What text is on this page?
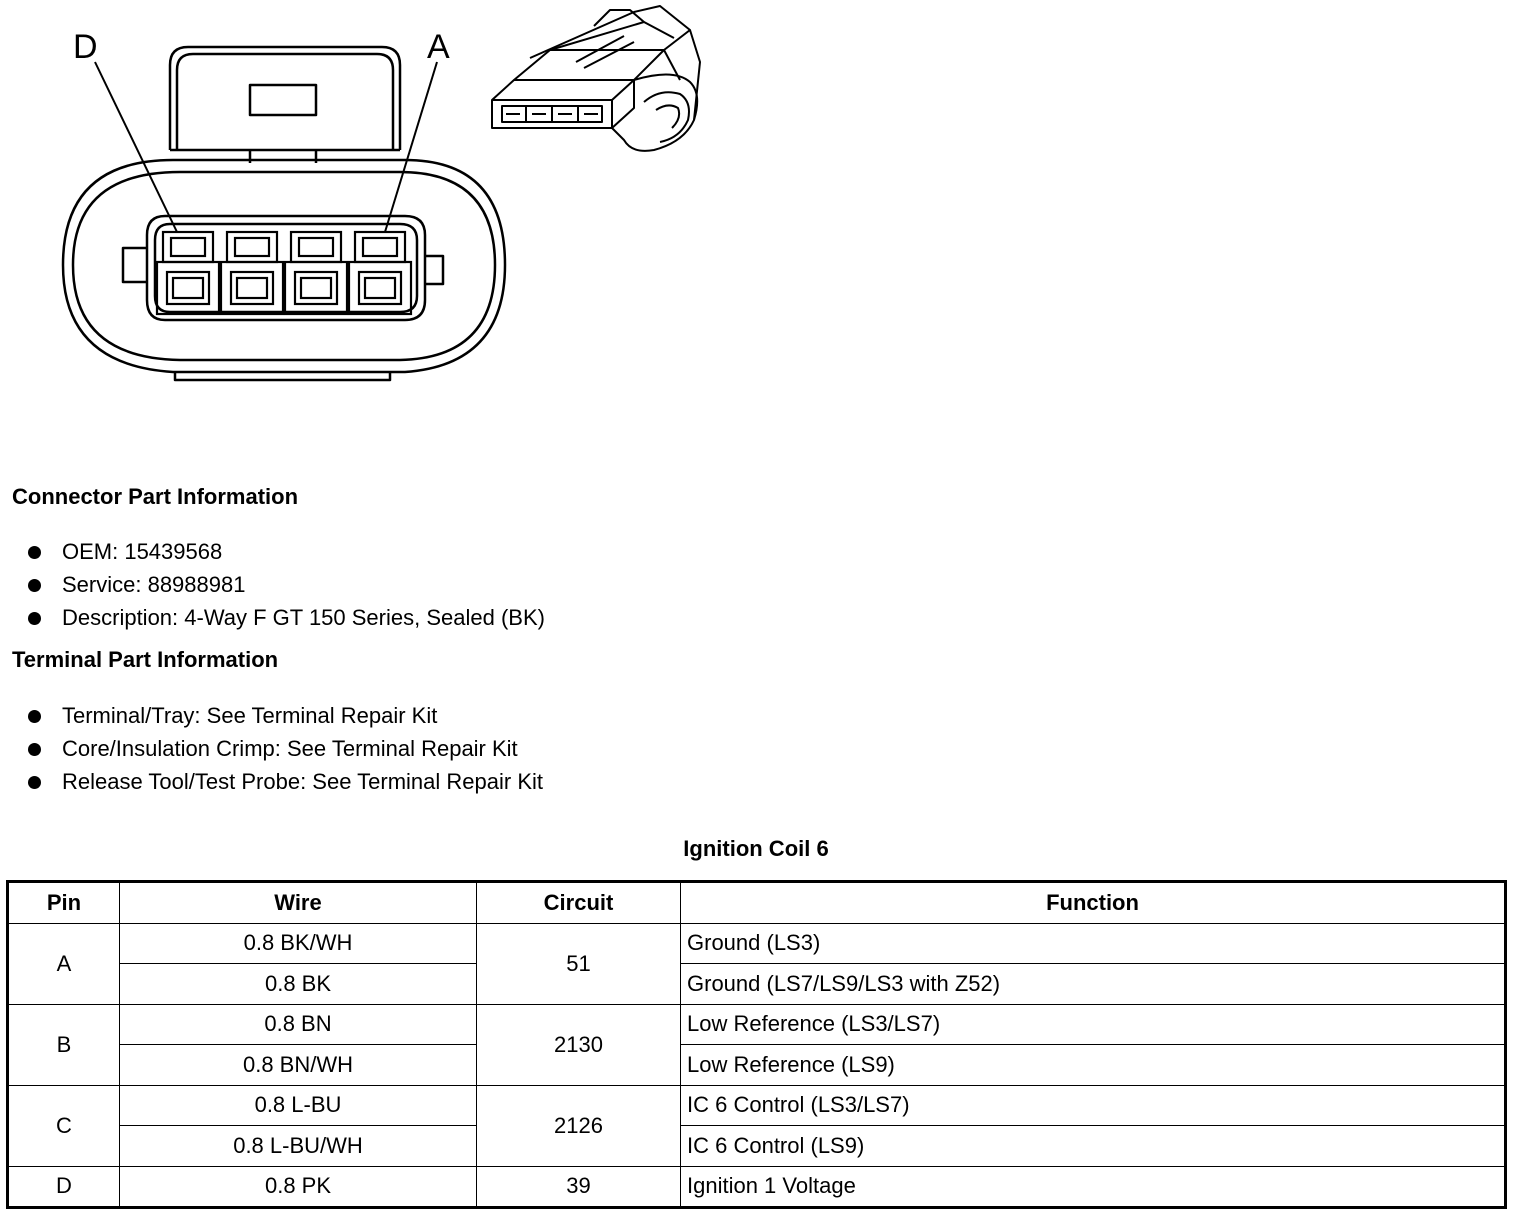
D	A
Connector Part Information
OEM: 15439568
Service: 88988981
Description: 4-Way F GT 150 Series, Sealed (BK)
Terminal Part Information
Terminal/Tray: See Terminal Repair Kit
Core/Insulation Crimp: See Terminal Repair Kit
Release Tool/Test Probe: See Terminal Repair Kit
Ignition Coil 6
Pin	Wire	Circuit	Function
A	0.8 BK/WH	51	Ground (LS3)
	0.8 BK		Ground (LS7/LS9/LS3 with Z52)
B	0.8 BN	2130	Low Reference (LS3/LS7)
	0.8 BN/WH		Low Reference (LS9)
C	0.8 L-BU	2126	IC 6 Control (LS3/LS7)
	0.8 L-BU/WH		IC 6 Control (LS9)
D	0.8 PK	39	Ignition 1 Voltage
